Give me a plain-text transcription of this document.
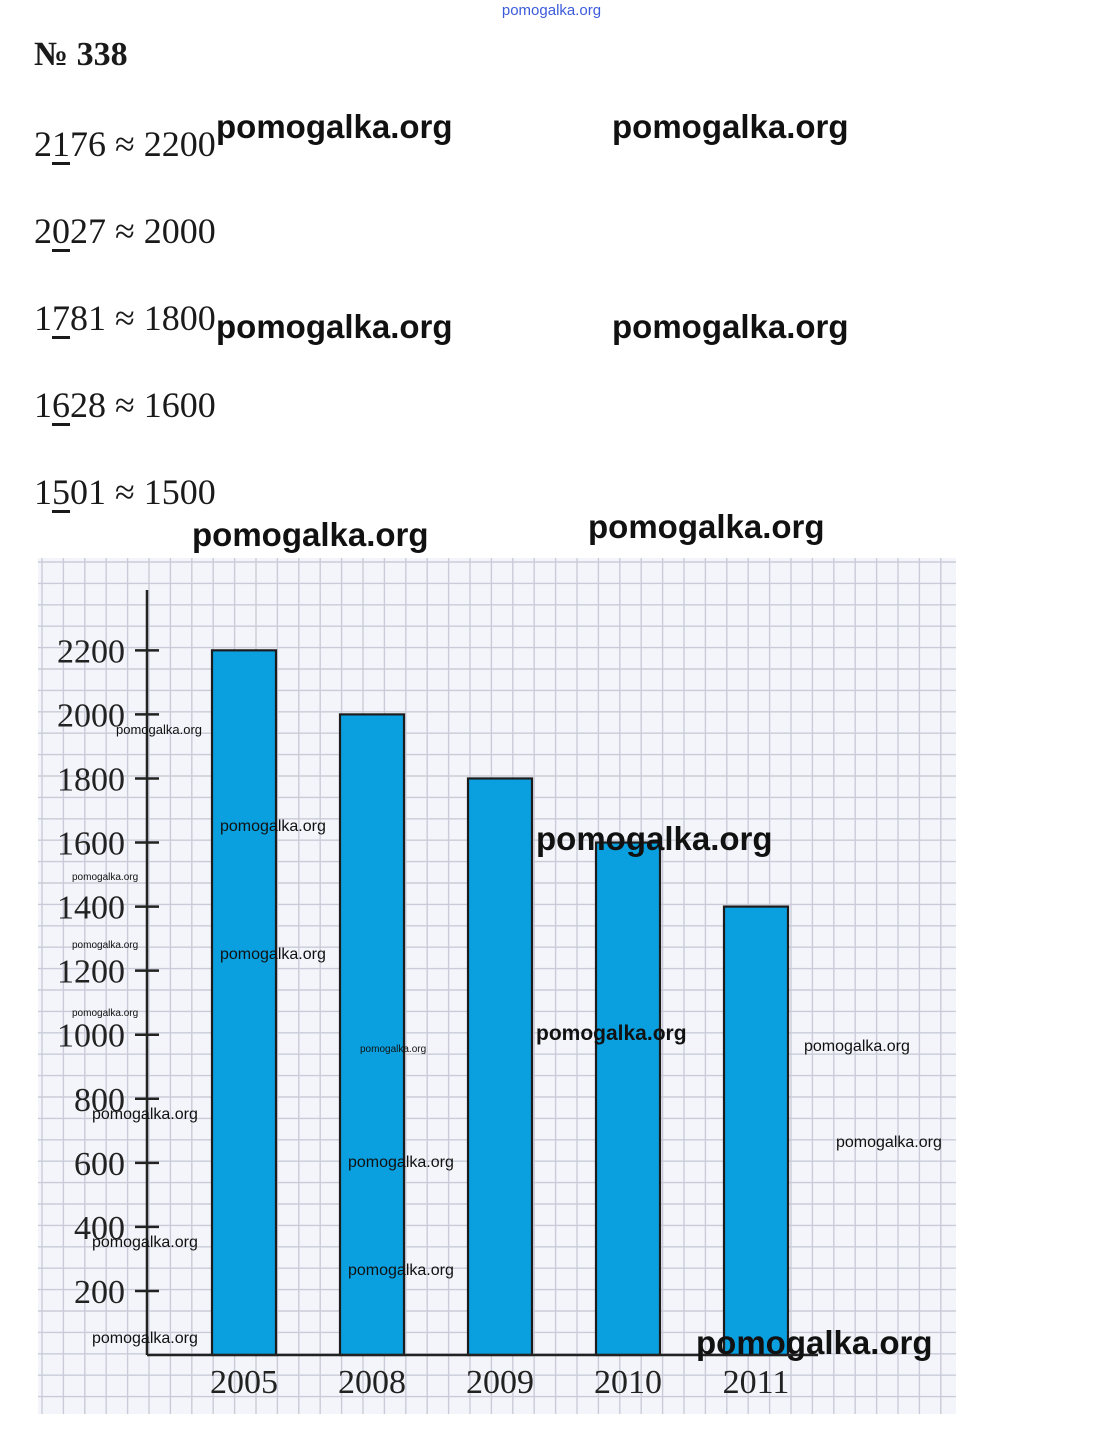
pomogalka.org
№ 338
2176 ≈ 2200
2027 ≈ 2000
1781 ≈ 1800
1628 ≈ 1600
1501 ≈ 1500
2005 2008 2009 2010 2011
200
400
600
800
1000
1200
1400
1600
1800
2000
2200
pomogalka.org	pomogalka.org
pomogalka.org	pomogalka.org
pomogalka.org	pomogalka.org
pomogalka.org
pomogalka.org
pomogalka.org
pomogalka.org
pomogalka.org
pomogalka.org
pomogalka.org
pomogalka.org
pomogalka.org
pomogalka.org
pomogalka.org
pomogalka.org
pomogalka.org
pomogalka.org
pomogalka.org
pomogalka.org
pomogalka.org
